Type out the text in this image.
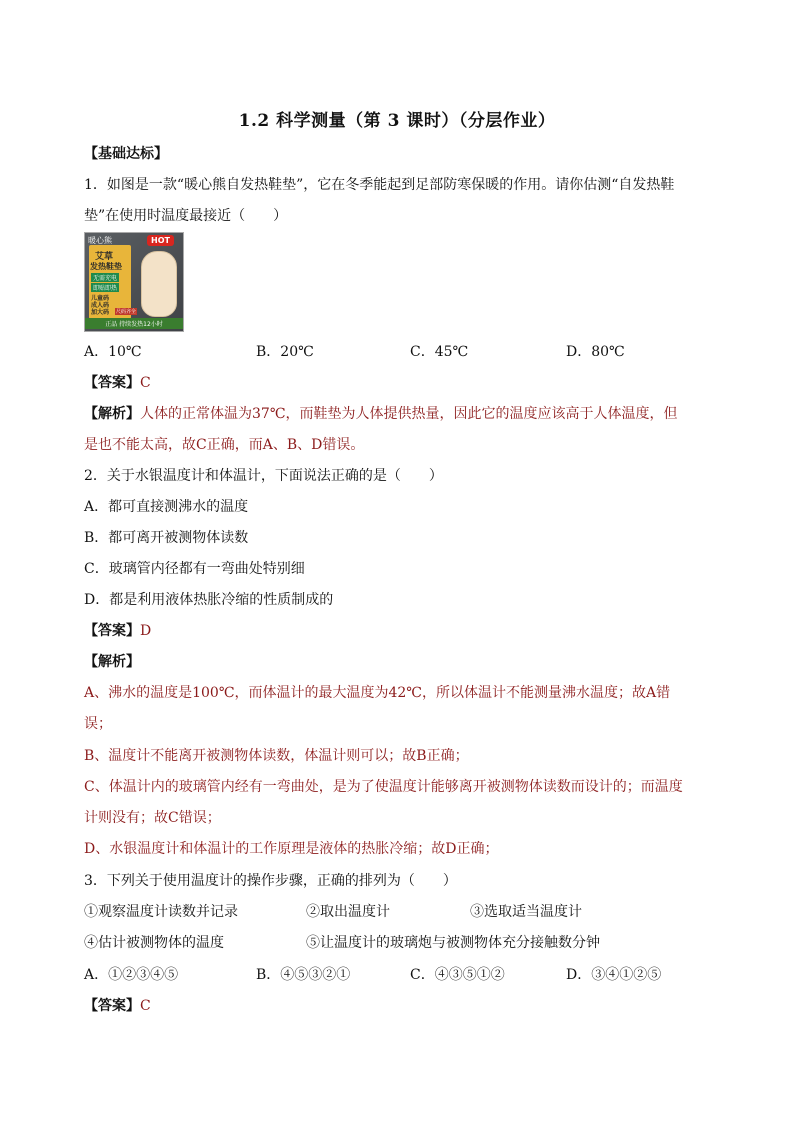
1.2 科学测量（第 3 课时）（分层作业）
【基础达标】
1．如图是一款“暖心熊自发热鞋垫”，它在冬季能起到足部防寒保暖的作用。请你估测“自发热鞋
垫”在使用时温度最接近（　　）
暖心熊
艾草
发热鞋垫
无需充电
即贴即热
儿童码
成人码
加大码 尺码齐全
HOT
正品 持续发热12小时
A．10℃	B．20℃	C．45℃	D．80℃
【答案】C
【解析】人体的正常体温为37℃，而鞋垫为人体提供热量，因此它的温度应该高于人体温度，但
是也不能太高，故C正确，而A、B、D错误。
2．关于水银温度计和体温计，下面说法正确的是（　　）
A．都可直接测沸水的温度
B．都可离开被测物体读数
C．玻璃管内径都有一弯曲处特别细
D．都是利用液体热胀冷缩的性质制成的
【答案】D
【解析】
A、沸水的温度是100℃，而体温计的最大温度为42℃，所以体温计不能测量沸水温度；故A错
误；
B、温度计不能离开被测物体读数，体温计则可以；故B正确；
C、体温计内的玻璃管内经有一弯曲处，是为了使温度计能够离开被测物体读数而设计的；而温度
计则没有；故C错误；
D、水银温度计和体温计的工作原理是液体的热胀冷缩；故D正确；
3．下列关于使用温度计的操作步骤，正确的排列为（　　）
①观察温度计读数并记录	②取出温度计	③选取适当温度计
④估计被测物体的温度	⑤让温度计的玻璃炮与被测物体充分接触数分钟
A．①②③④⑤	B．④⑤③②①	C．④③⑤①②	D．③④①②⑤
【答案】C
